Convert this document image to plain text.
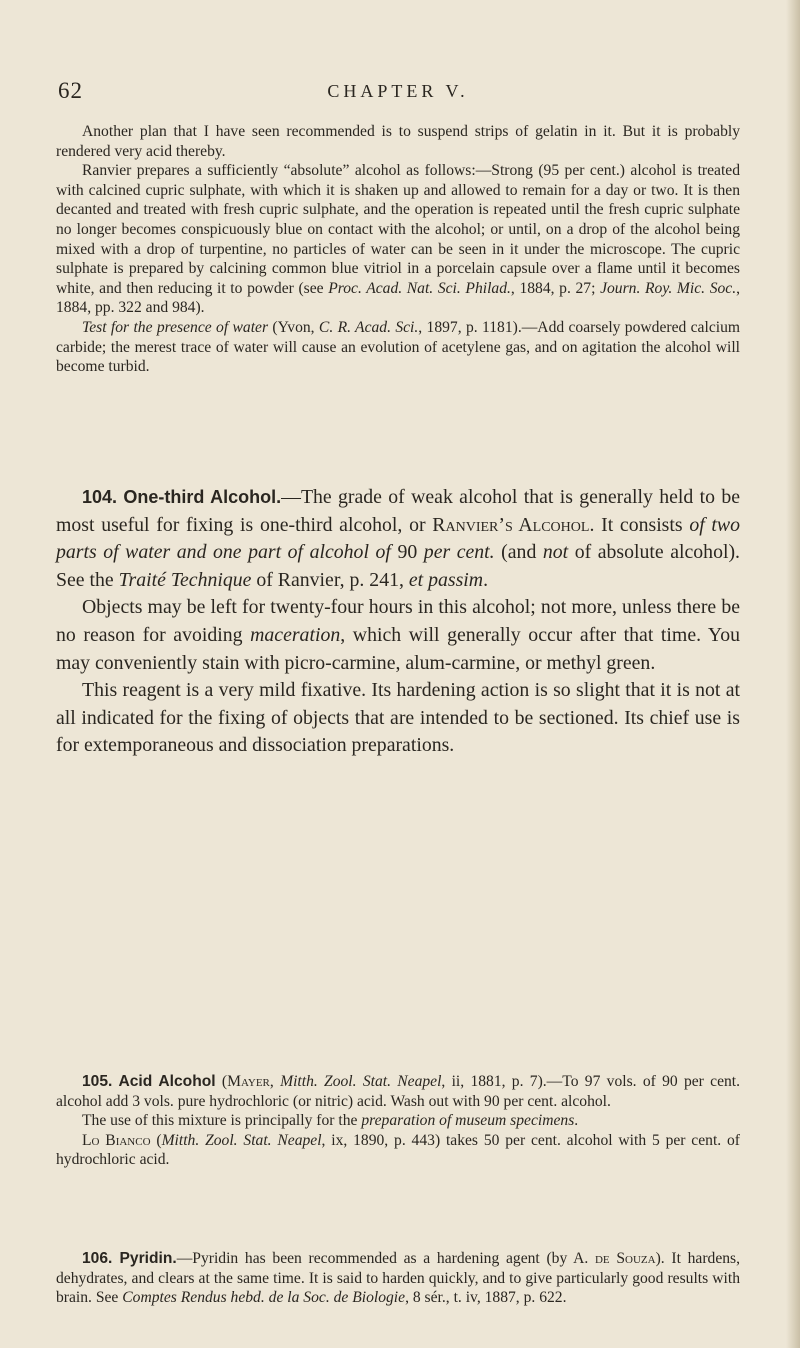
62	CHAPTER V.

Another plan that I have seen recommended is to suspend strips of gelatin in it. But it is probably rendered very acid thereby.

Ranvier prepares a sufficiently “absolute” alcohol as follows:—Strong (95 per cent.) alcohol is treated with calcined cupric sulphate, with which it is shaken up and allowed to remain for a day or two. It is then decanted and treated with fresh cupric sulphate, and the operation is repeated until the fresh cupric sulphate no longer becomes conspicuously blue on contact with the alcohol; or until, on a drop of the alcohol being mixed with a drop of turpentine, no particles of water can be seen in it under the microscope. The cupric sulphate is prepared by calcining common blue vitriol in a porcelain capsule over a flame until it becomes white, and then reducing it to powder (see Proc. Acad. Nat. Sci. Philad., 1884, p. 27; Journ. Roy. Mic. Soc., 1884, pp. 322 and 984).

Test for the presence of water (Yvon, C. R. Acad. Sci., 1897, p. 1181).—Add coarsely powdered calcium carbide; the merest trace of water will cause an evolution of acetylene gas, and on agitation the alcohol will become turbid.

104. One-third Alcohol.—The grade of weak alcohol that is generally held to be most useful for fixing is one-third alcohol, or Ranvier’s Alcohol. It consists of two parts of water and one part of alcohol of 90 per cent. (and not of absolute alcohol). See the Traité Technique of Ranvier, p. 241, et passim.

Objects may be left for twenty-four hours in this alcohol; not more, unless there be no reason for avoiding maceration, which will generally occur after that time. You may conveniently stain with picro-carmine, alum-carmine, or methyl green.

This reagent is a very mild fixative. Its hardening action is so slight that it is not at all indicated for the fixing of objects that are intended to be sectioned. Its chief use is for extemporaneous and dissociation preparations.

105. Acid Alcohol (Mayer, Mitth. Zool. Stat. Neapel, ii, 1881, p. 7).—To 97 vols. of 90 per cent. alcohol add 3 vols. pure hydrochloric (or nitric) acid. Wash out with 90 per cent. alcohol.

The use of this mixture is principally for the preparation of museum specimens.

Lo Bianco (Mitth. Zool. Stat. Neapel, ix, 1890, p. 443) takes 50 per cent. alcohol with 5 per cent. of hydrochloric acid.

106. Pyridin.—Pyridin has been recommended as a hardening agent (by A. de Souza). It hardens, dehydrates, and clears at the same time. It is said to harden quickly, and to give particularly good results with brain. See Comptes Rendus hebd. de la Soc. de Biologie, 8 sér., t. iv, 1887, p. 622.
